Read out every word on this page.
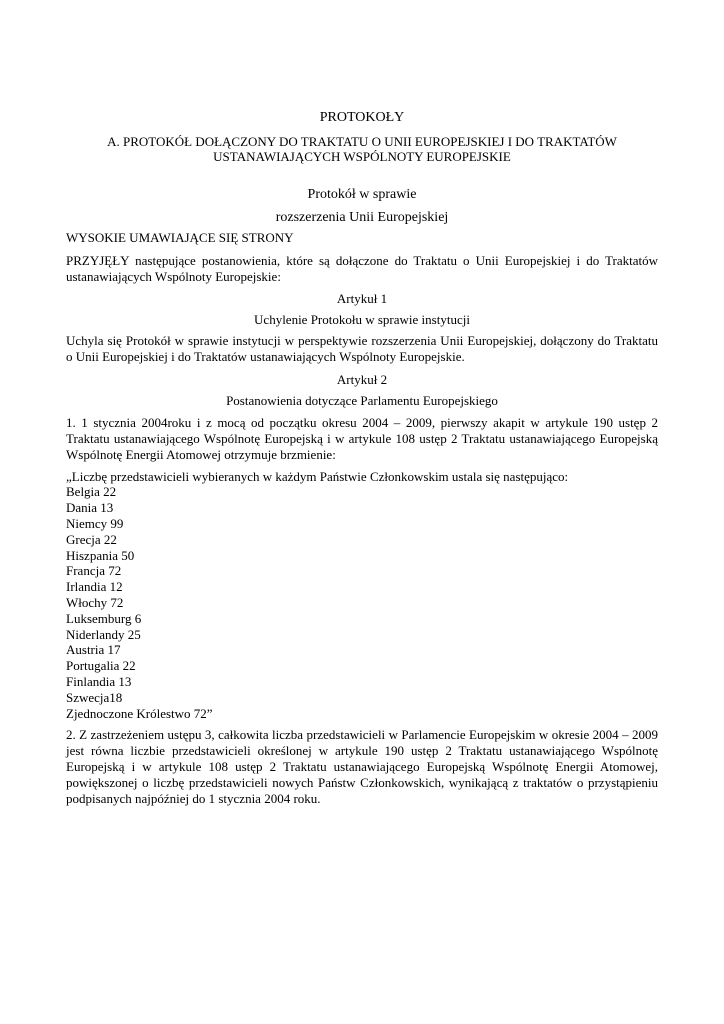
PROTOKOŁY

A. PROTOKÓŁ DOŁĄCZONY DO TRAKTATU O UNII EUROPEJSKIEJ I DO TRAKTATÓW

USTANAWIAJĄCYCH WSPÓLNOTY EUROPEJSKIE

Protokół w sprawie

rozszerzenia Unii Europejskiej

WYSOKIE UMAWIAJĄCE SIĘ STRONY

PRZYJĘŁY następujące postanowienia, które są dołączone do Traktatu o Unii Europejskiej i do Traktatów ustanawiających Wspólnoty Europejskie:

Artykuł 1

Uchylenie Protokołu w sprawie instytucji

Uchyla się Protokół w sprawie instytucji w perspektywie rozszerzenia Unii Europejskiej, dołączony do Traktatu o Unii Europejskiej i do Traktatów ustanawiających Wspólnoty Europejskie.

Artykuł 2

Postanowienia dotyczące Parlamentu Europejskiego

1. 1 stycznia 2004roku i z mocą od początku okresu 2004 – 2009, pierwszy akapit w artykule 190 ustęp 2 Traktatu ustanawiającego Wspólnotę Europejską i w artykule 108 ustęp 2 Traktatu ustanawiającego Europejską Wspólnotę Energii Atomowej otrzymuje brzmienie:

„Liczbę przedstawicieli wybieranych w każdym Państwie Członkowskim ustala się następująco:

Belgia 22
Dania 13
Niemcy 99
Grecja 22
Hiszpania 50
Francja 72
Irlandia 12
Włochy 72
Luksemburg 6
Niderlandy 25
Austria 17
Portugalia 22
Finlandia 13
Szwecja18
Zjednoczone Królestwo 72”

2. Z zastrzeżeniem ustępu 3, całkowita liczba przedstawicieli w Parlamencie Europejskim w okresie 2004 – 2009 jest równa liczbie przedstawicieli określonej w artykule 190 ustęp 2 Traktatu ustanawiającego Wspólnotę Europejską i w artykule 108 ustęp 2 Traktatu ustanawiającego Europejską Wspólnotę Energii Atomowej, powiększonej o liczbę przedstawicieli nowych Państw Członkowskich, wynikającą z traktatów o przystąpieniu podpisanych najpóźniej do 1 stycznia 2004 roku.
